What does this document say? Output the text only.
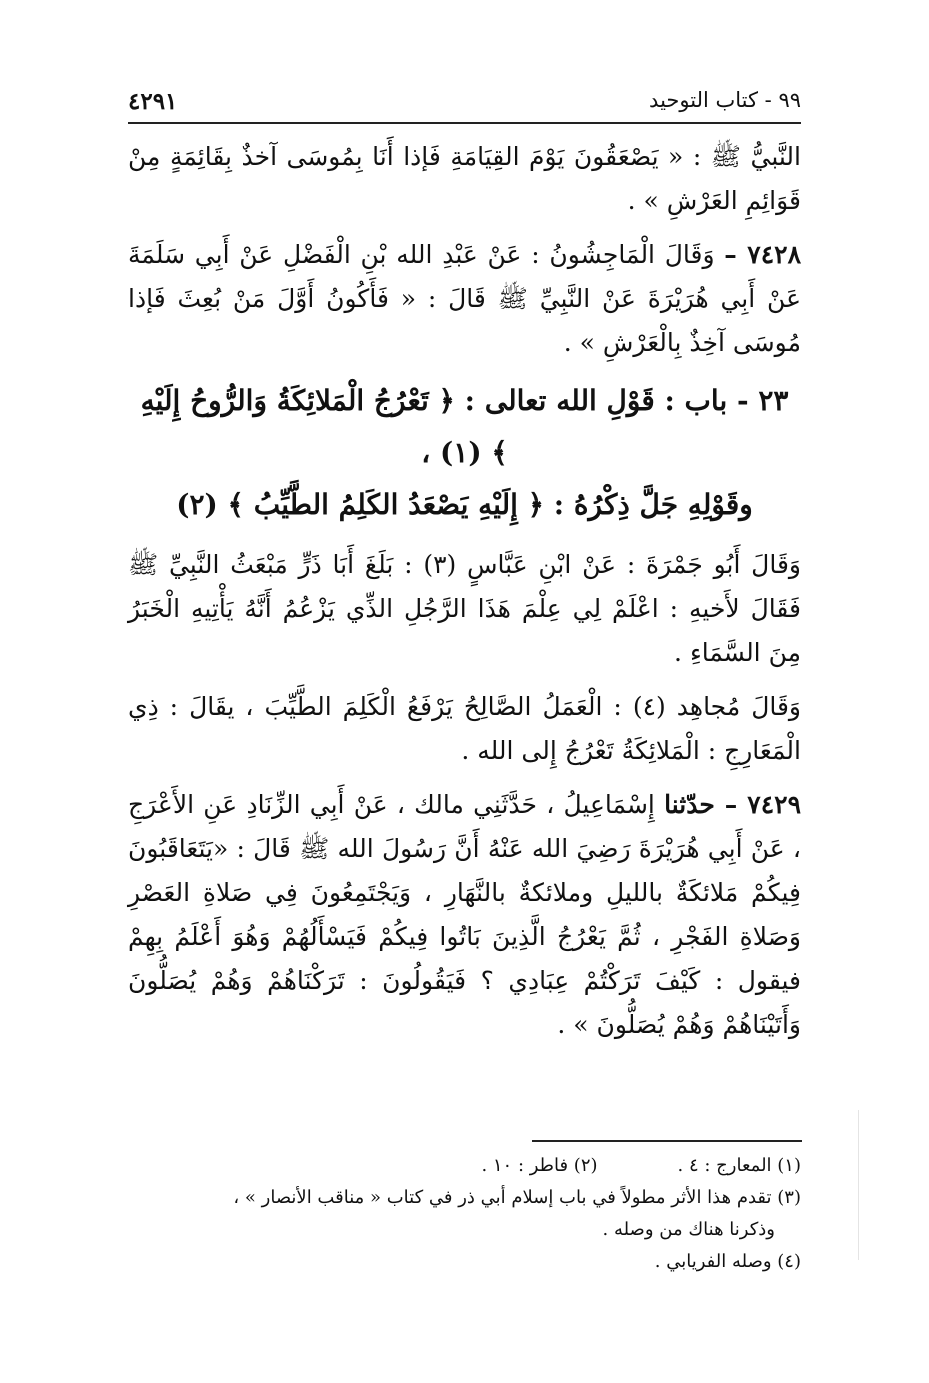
٩٩ - كتاب التوحيد
٤٢٩١

النَّبيُّ ﷺ : « يَصْعَقُونَ يَوْمَ القِيَامَةِ فَإذا أَنَا بِمُوسَى آخذٌ بِقَائِمَةٍ مِنْ قَوَائِمِ العَرْشِ » .

٧٤٢٨ – وَقَالَ الْمَاجِشُونُ : عَنْ عَبْدِ الله بْنِ الْفَضْلِ عَنْ أَبِي سَلَمَةَ عَنْ أَبِي هُرَيْرَةَ عَنْ النَّبِيِّ ﷺ قَالَ : « فَأَكُونُ أَوَّلَ مَنْ بُعِثَ فَإذا مُوسَى آخِذٌ بِالْعَرْشِ » .

٢٣ - باب : قَوْلِ الله تعالى : ﴿ تَعْرُجُ الْمَلائِكَةُ وَالرُّوحُ إِلَيْهِ ﴾ (١) ،
وقَوْلِهِ جَلَّ ذِكْرُهُ : ﴿ إِلَيْهِ يَصْعَدُ الكَلِمُ الطَّيِّبُ ﴾ (٢)

وَقَالَ أَبُو جَمْرَةَ : عَنْ ابْنِ عَبَّاسٍ (٣) : بَلَغَ أَبَا ذَرٍّ مَبْعَثُ النَّبِيِّ ﷺ فَقَالَ لأَخيهِ : اعْلَمْ لِي عِلْمَ هَذَا الرَّجُلِ الذِّي يَزْعُمُ أَنَّهُ يَأْتِيهِ الْخَبَرُ مِنَ السَّمَاءِ .

وَقَالَ مُجاهِد (٤) : الْعَمَلُ الصَّالِحُ يَرْفَعُ الْكَلِمَ الطَّيِّبَ ، يقَالَ : ذِي الْمَعَارِجِ : الْمَلائِكَةُ تَعْرُجُ إِلى الله .

٧٤٢٩ – حدّثنا إِسْمَاعِيلُ ، حَدَّثَنِي مالك ، عَنْ أَبِي الزِّنَادِ عَنِ الأَعْرَجِ ، عَنْ أَبِي هُرَيْرَةَ رَضِيَ الله عَنْهُ أَنَّ رَسُولَ الله ﷺ قَالَ : «يَتَعَاقَبُونَ فِيكُمْ مَلائكَةٌ بالليلِ وملائكةٌ بالنَّهَارِ ، وَيَجْتَمِعُونَ فِي صَلاةِ العَصْرِ وَصَلاةِ الفَجْرِ ، ثُمَّ يَعْرُجُ الَّذِينَ بَاتُوا فِيكُمْ فَيَسْأَلُهُمْ وَهُوَ أَعْلَمُ بِهِمْ فيقول : كَيْفَ تَرَكْتُمْ عِبَادِي ؟ فَيَقُولُونَ : تَرَكْنَاهُمْ وَهُمْ يُصَلُّونَ وَأَتَيْنَاهُمْ وَهُمْ يُصَلُّونَ » .

(١) المعارج : ٤ .
(٢) فاطر : ١٠ .
(٣) تقدم هذا الأثر مطولاً في باب إسلام أبي ذر في كتاب « مناقب الأنصار » ،
وذكرنا هناك من وصله .
(٤) وصله الفريابي .
